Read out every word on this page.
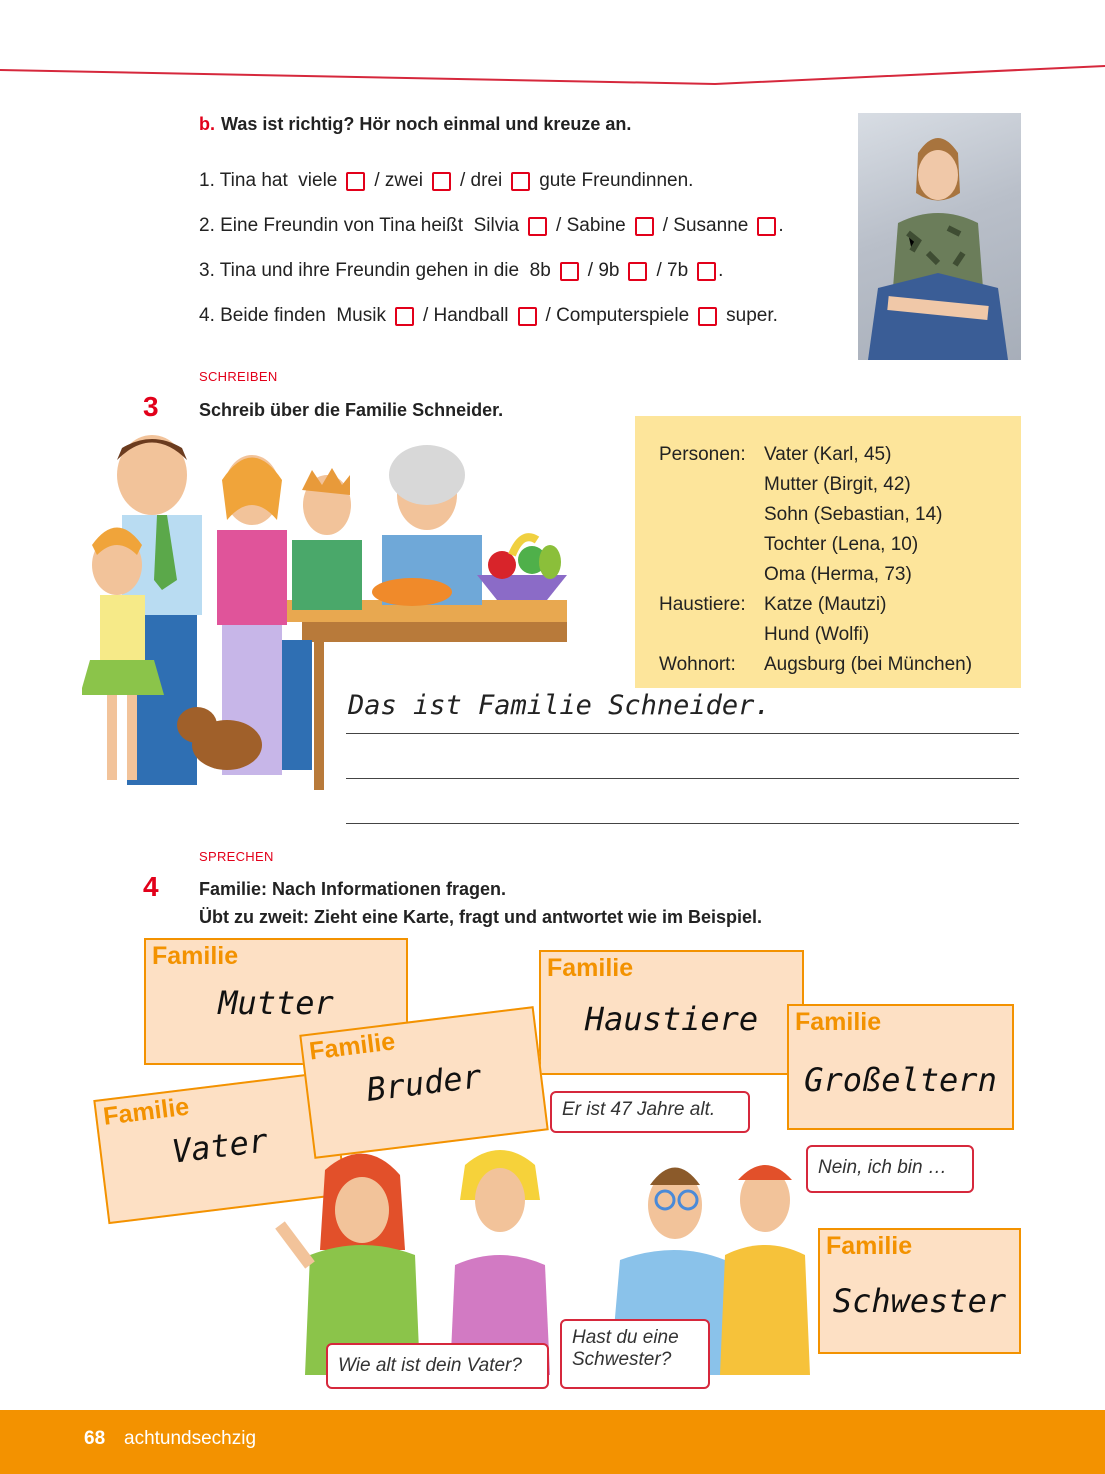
b. Was ist richtig? Hör noch einmal und kreuze an.
1. Tina hat
viele / zwei / drei gute Freundinnen.
2. Eine Freundin von Tina heißt
Silvia / Sabine / Susanne .
3. Tina und ihre Freundin gehen in die
8b / 9b / 7b .
4. Beide finden
Musik / Handball / Computerspiele super.
SCHREIBEN
3 Schreib über die Familie Schneider.
Personen: Vater (Karl, 45)
Mutter (Birgit, 42)
Sohn (Sebastian, 14)
Tochter (Lena, 10)
Oma (Herma, 73)
Haustiere: Katze (Mautzi)
Hund (Wolfi)
Wohnort:	Augsburg (bei München)
Das ist Familie Schneider.
SPRECHEN
4 Familie: Nach Informationen fragen.
Übt zu zweit: Zieht eine Karte, fragt und antwortet wie im Beispiel.
Familie
Mutter
Familie
Haustiere
Familie
Vater
Familie
Bruder
Familie
Großeltern
Familie
Schwester
Er ist 47 Jahre alt.
Nein, ich bin …
Wie alt ist dein Vater?
Hast du eine
Schwester?
68 achtundsechzig
